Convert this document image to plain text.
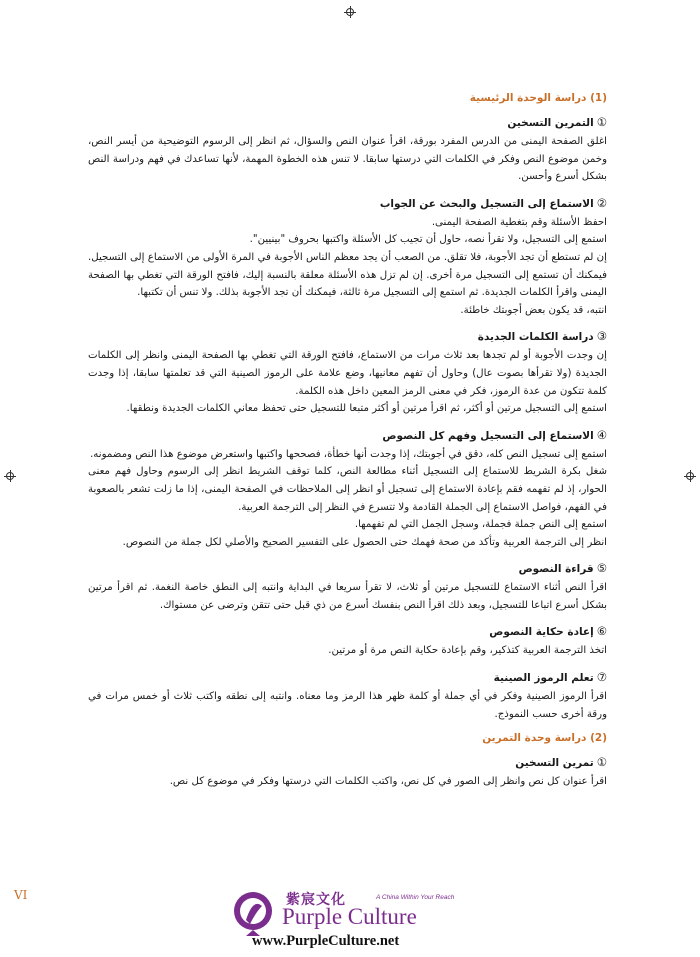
(1) دراسة الوحدة الرئيسية
①التمرين التسخين

اغلق الصفحة اليمنى من الدرس المفرد بورقة، اقرأ عنوان النص والسؤال، ثم انظر إلى الرسوم التوضيحية من أيسر النص، وخمن موضوع النص وفكر في الكلمات التي درستها سابقا. لا تنس هذه الخطوة المهمة، لأنها تساعدك في فهم ودراسة النص بشكل أسرع وأحسن.

②الاستماع إلى التسجيل والبحث عن الجواب

احفظ الأسئلة وقم بتغطية الصفحة اليمنى.

استمع إلى التسجيل، ولا تقرأ نصه، حاول أن تجيب كل الأسئلة واكتبها بحروف "بينيين".

إن لم تستطع أن تجد الأجوبة، فلا تقلق. من الصعب أن يجد معظم الناس الأجوبة في المرة الأولى من الاستماع إلى التسجيل. فيمكنك أن تستمع إلى التسجيل مرة أخرى. إن لم تزل هذه الأسئلة معلقة بالنسبة إليك، فافتح الورقة التي تغطي بها الصفحة اليمنى واقرأ الكلمات الجديدة. ثم استمع إلى التسجيل مرة ثالثة، فيمكنك أن تجد الأجوبة بذلك. ولا تنس أن تكتبها.

انتبه، قد يكون بعض أجوبتك خاطئة.

③دراسة الكلمات الجديدة

إن وجدت الأجوبة أو لم تجدها بعد ثلاث مرات من الاستماع، فافتح الورقة التي تغطي بها الصفحة اليمنى وانظر إلى الكلمات الجديدة (ولا تقرأها بصوت عال) وحاول أن تفهم معانيها، وضع علامة على الرموز الصينية التي قد تعلمتها سابقا، إذا وجدت كلمة تتكون من عدة الرموز، فكر في معنى الرمز المعين داخل هذه الكلمة.

استمع إلى التسجيل مرتين أو أكثر، ثم اقرأ مرتين أو أكثر متبعا للتسجيل حتى تحفظ معاني الكلمات الجديدة ونطقها.

④الاستماع إلى التسجيل وفهم كل النصوص

استمع إلى تسجيل النص كله، دقق في أجوبتك، إذا وجدت أنها خطأة، فصححها واكتبها واستعرض موضوع هذا النص ومضمونه.

شغل بكرة الشريط للاستماع إلى التسجيل أثناء مطالعة النص، كلما توقف الشريط انظر إلى الرسوم وحاول فهم معنى الحوار، إذ لم تفهمه فقم بإعادة الاستماع إلى تسجيل أو انظر إلى الملاحظات في الصفحة اليمنى، إذا ما زلت تشعر بالصعوبة في الفهم، فواصل الاستماع إلى الجملة القادمة ولا تتسرع في النظر إلى الترجمة العربية.

استمع إلى النص جملة فجملة، وسجل الجمل التي لم تفهمها.

انظر إلى الترجمة العربية وتأكد من صحة فهمك حتى الحصول على التفسير الصحيح والأصلي لكل جملة من النصوص.

⑤قراءة النصوص

اقرأ النص أثناء الاستماع للتسجيل مرتين أو ثلاث، لا تقرأ سريعا في البداية وانتبه إلى النطق خاصة النغمة. ثم اقرأ مرتين بشكل أسرع اتباعا للتسجيل، وبعد ذلك اقرأ النص بنفسك أسرع من ذي قبل حتى تتقن وترضى عن مستواك.

⑥إعادة حكاية النصوص

اتخذ الترجمة العربية كتذكير، وقم بإعادة حكاية النص مرة أو مرتين.

⑦تعلم الرموز الصينية

اقرأ الرموز الصينية وفكر في أي جملة أو كلمة ظهر هذا الرمز وما معناه. وانتبه إلى نطقه واكتب ثلاث أو خمس مرات في ورقة أخرى حسب النموذج.

(2) دراسة وحدة التمرين
①تمرين التسخين

اقرأ عنوان كل نص وانظر إلى الصور في كل نص، واكتب الكلمات التي درستها وفكر في موضوع كل نص.

VI	紫宸文化	A China Within Your Reach
Purple Culture
www.PurpleCulture.net
